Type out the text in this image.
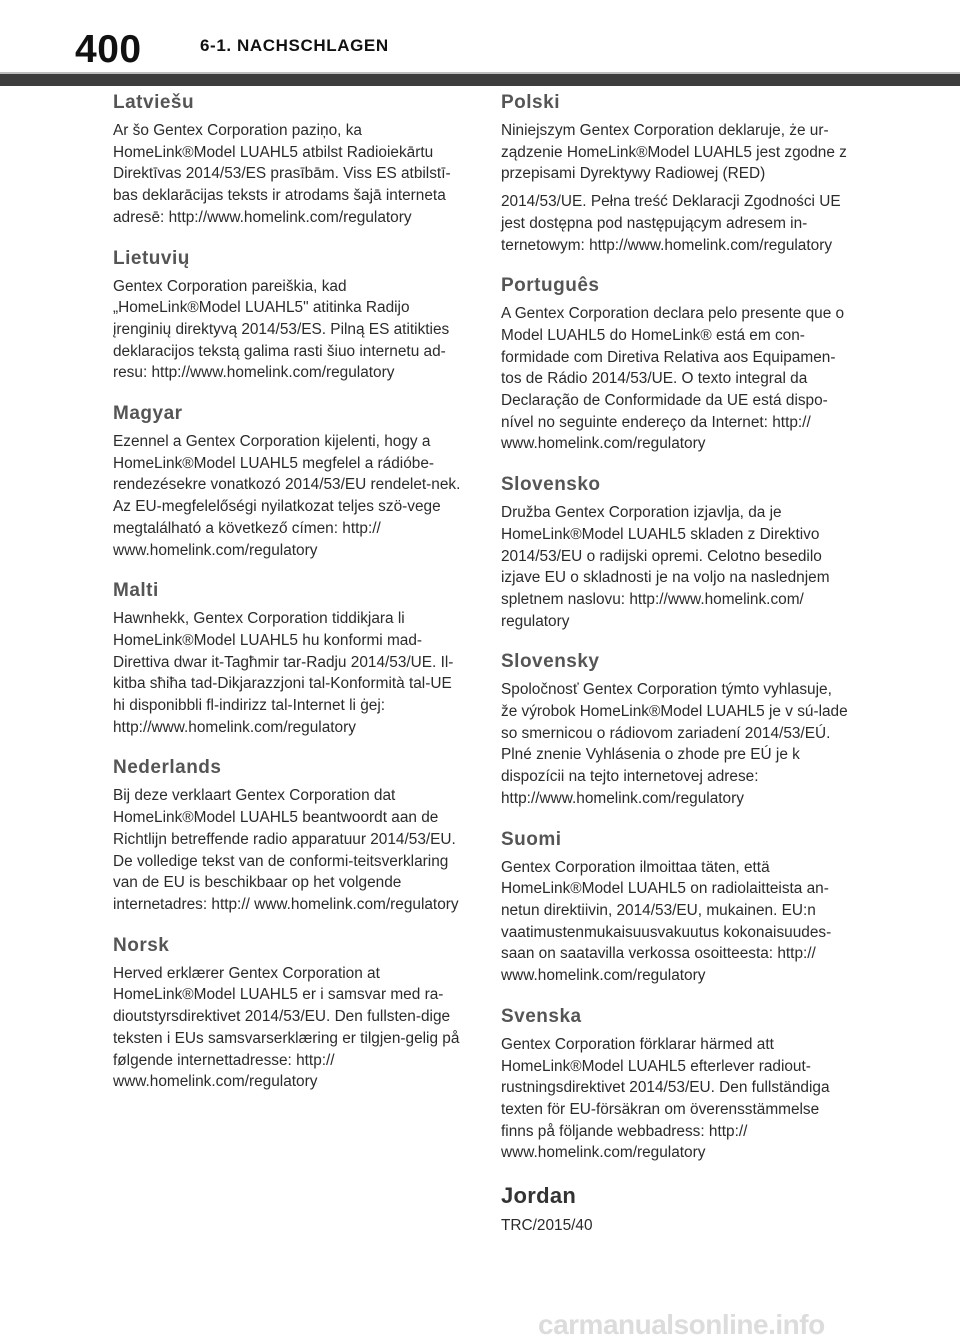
400	6-1. NACHSCHLAGEN
Latviešu

Ar šo Gentex Corporation paziņo, ka HomeLink®Model LUAHL5 atbilst Radioiekārtu Direktīvas 2014/53/ES prasībām. Viss ES atbilstī-bas deklarācijas teksts ir atrodams šajā interneta adresē: http://www.homelink.com/regulatory

Lietuvių

Gentex Corporation pareiškia, kad „HomeLink®Model LUAHL5" atitinka Radijo įrenginių direktyvą 2014/53/ES. Pilną ES atitikties deklaracijos tekstą galima rasti šiuo internetu ad-resu: http://www.homelink.com/regulatory

Magyar

Ezennel a Gentex Corporation kijelenti, hogy a HomeLink®Model LUAHL5 megfelel a rádióbe-rendezésekre vonatkozó 2014/53/EU rendelet-nek. Az EU-megfelelőségi nyilatkozat teljes szö-vege megtalálható a következő címen: http:// www.homelink.com/regulatory

Malti

Hawnhekk, Gentex Corporation tiddikjara li HomeLink®Model LUAHL5 hu konformi mad-Direttiva dwar it-Tagħmir tar-Radju 2014/53/UE. Il-kitba sħiħa tad-Dikjarazzjoni tal-Konformità tal-UE hi disponibbli fl-indirizz tal-Internet li ġej: http://www.homelink.com/regulatory

Nederlands

Bij deze verklaart Gentex Corporation dat HomeLink®Model LUAHL5 beantwoordt aan de Richtlijn betreffende radio apparatuur 2014/53/EU. De volledige tekst van de conformi-teitsverklaring van de EU is beschikbaar op het volgende internetadres: http:// www.homelink.com/regulatory

Norsk

Herved erklærer Gentex Corporation at HomeLink®Model LUAHL5 er i samsvar med ra-dioutstyrsdirektivet 2014/53/EU. Den fullsten-dige teksten i EUs samsvarserklæring er tilgjen-gelig på følgende internettadresse: http:// www.homelink.com/regulatory

Polski

Niniejszym Gentex Corporation deklaruje, że ur-ządzenie HomeLink®Model LUAHL5 jest zgodne z przepisami Dyrektywy Radiowej (RED)

2014/53/UE. Pełna treść Deklaracji Zgodności UE jest dostępna pod następującym adresem in-ternetowym: http://www.homelink.com/regulatory

Português

A Gentex Corporation declara pelo presente que o Model LUAHL5 do HomeLink® está em con-formidade com Diretiva Relativa aos Equipamen-tos de Rádio 2014/53/UE. O texto integral da Declaração de Conformidade da UE está dispo-nível no seguinte endereço da Internet: http:// www.homelink.com/regulatory

Slovensko

Družba Gentex Corporation izjavlja, da je HomeLink®Model LUAHL5 skladen z Direktivo 2014/53/EU o radijski opremi. Celotno besedilo izjave EU o skladnosti je na voljo na naslednjem spletnem naslovu: http://www.homelink.com/ regulatory

Slovensky

Spoločnosť Gentex Corporation týmto vyhlasuje, že výrobok HomeLink®Model LUAHL5 je v sú-lade so smernicou o rádiovom zariadení 2014/53/EÚ. Plné znenie Vyhlásenia o zhode pre EÚ je k dispozícii na tejto internetovej adrese: http://www.homelink.com/regulatory

Suomi

Gentex Corporation ilmoittaa täten, että HomeLink®Model LUAHL5 on radiolaitteista an-netun direktiivin, 2014/53/EU, mukainen. EU:n vaatimustenmukaisuusvakuutus kokonaisuudes-saan on saatavilla verkossa osoitteesta: http:// www.homelink.com/regulatory

Svenska

Gentex Corporation förklarar härmed att HomeLink®Model LUAHL5 efterlever radiout-rustningsdirektivet 2014/53/EU. Den fullständiga texten för EU-försäkran om överensstämmelse finns på följande webbadress: http:// www.homelink.com/regulatory

Jordan

TRC/2015/40

carmanualsonline.info
